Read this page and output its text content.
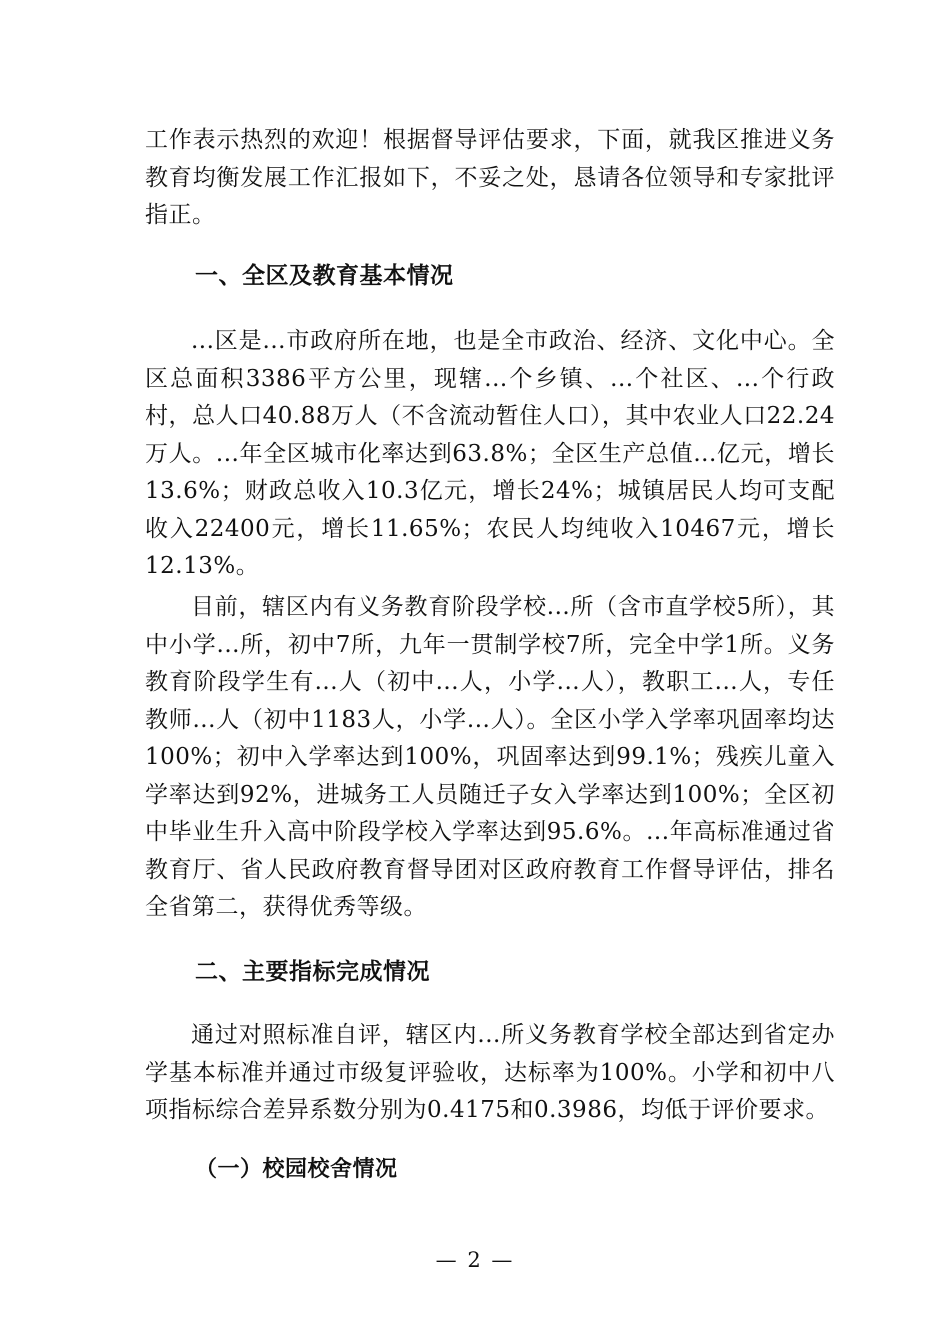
工作表示热烈的欢迎！根据督导评估要求，下面，就我区推进义务教育均衡发展工作汇报如下，不妥之处，恳请各位领导和专家批评指正。

一、全区及教育基本情况

...区是...市政府所在地，也是全市政治、经济、文化中心。全区总面积3386平方公里，现辖...个乡镇、...个社区、...个行政村，总人口40.88万人（不含流动暂住人口），其中农业人口22.24万人。...年全区城市化率达到63.8%；全区生产总值...亿元，增长13.6%；财政总收入10.3亿元，增长24%；城镇居民人均可支配收入22400元，增长11.65%；农民人均纯收入10467元，增长12.13%。

目前，辖区内有义务教育阶段学校...所（含市直学校5所），其中小学...所，初中7所，九年一贯制学校7所，完全中学1所。义务教育阶段学生有...人（初中...人，小学...人），教职工...人，专任教师...人（初中1183人，小学...人）。全区小学入学率巩固率均达100%；初中入学率达到100%，巩固率达到99.1%；残疾儿童入学率达到92%，进城务工人员随迁子女入学率达到100%；全区初中毕业生升入高中阶段学校入学率达到95.6%。...年高标准通过省教育厅、省人民政府教育督导团对区政府教育工作督导评估，排名全省第二，获得优秀等级。

二、主要指标完成情况

通过对照标准自评，辖区内...所义务教育学校全部达到省定办学基本标准并通过市级复评验收，达标率为100%。小学和初中八项指标综合差异系数分别为0.4175和0.3986，均低于评价要求。

（一）校园校舍情况
— 2 —
